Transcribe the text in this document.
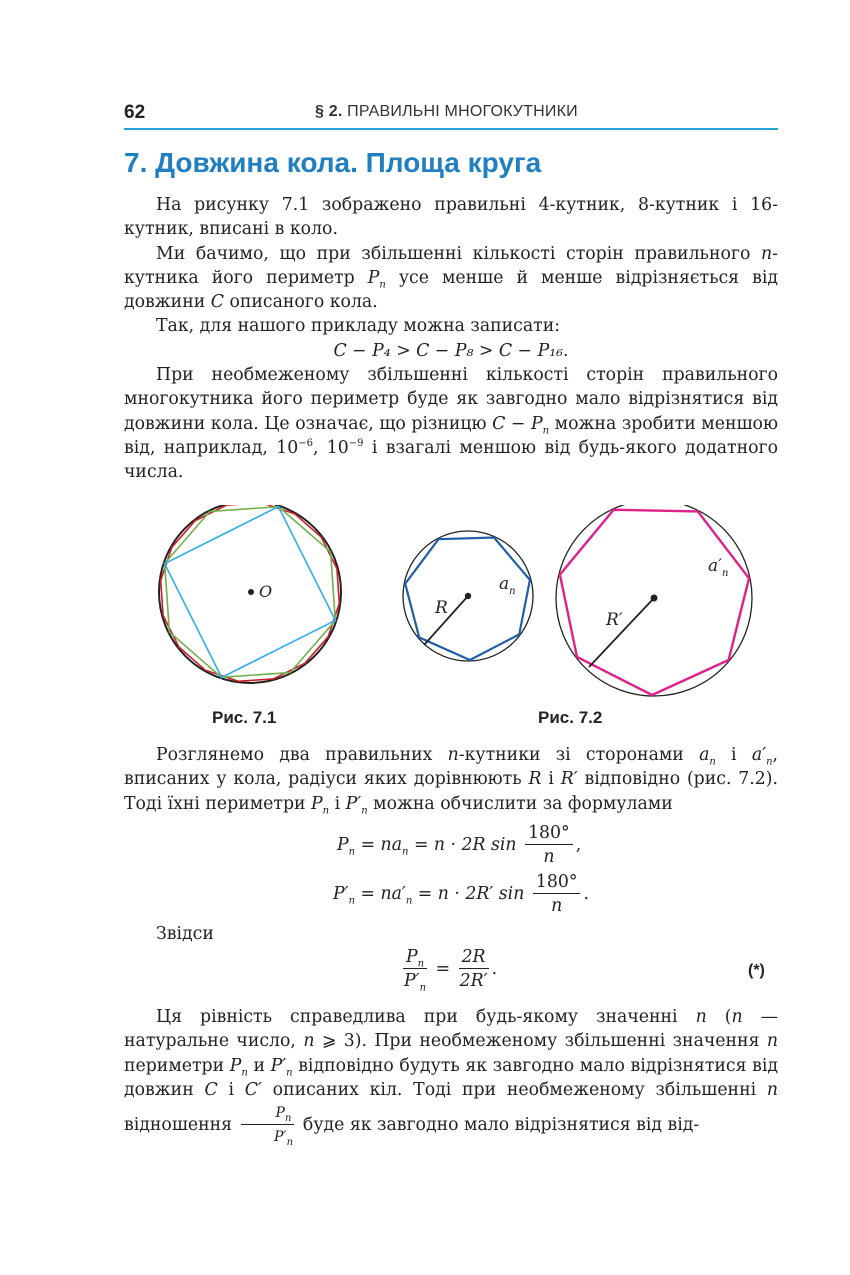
62	§ 2. ПРАВИЛЬНІ МНОГОКУТНИКИ
7. Довжина кола. Площа круга

На рисунку 7.1 зображено правильні 4-кутник, 8-кутник і 16-кутник, вписані в коло.

Ми бачимо, що при збільшенні кількості сторін правильного n-кутника його периметр $P_n$ усе менше й менше відрізняється від довжини C описаного кола.

Так, для нашого прикладу можна записати:

C − P₄ > C − P₈ > C − P₁₆.

При необмеженому збільшенні кількості сторін правильного многокутника його периметр буде як завгодно мало відрізнятися від довжини кола. Це означає, що різницю $C - P_n$ можна зробити меншою від, наприклад, $10^{-6}$, $10^{-9}$ і взагалі меншою від будь-якого додатного числа.

O
R
$a_n$
R′
$a'_n$
Рис. 7.1	Рис. 7.2

Розглянемо два правильних n-кутники зі сторонами $a_n$ і $a'_n$, вписаних у кола, радіуси яких дорівнюють R і R′ відповідно (рис. 7.2). Тоді їхні периметри $P_n$ і $P'_n$ можна обчислити за формулами

$P_n = na_n = n \cdot 2R$ $\sin \frac{180^\circ}{n}$ ,
$P'_n = na'_n = n \cdot 2R'$ $\sin \frac{180^\circ}{n}$ .

Звідси

$\frac{P_n}{P'_n} = \frac{2R}{2R'}$ .	(*)

Ця рівність справедлива при будь-якому значенні n (n — натуральне число, n ⩾ 3). При необмеженому збільшенні значення n периметри $P_n$ и $P'_n$ відповідно будуть як завгодно мало відрізнятися від довжин C і C′ описаних кіл. Тоді при необмеженому збільшенні n відношення $\frac{P_n}{P'_n}$ буде як завгодно мало відрізнятися від від-
